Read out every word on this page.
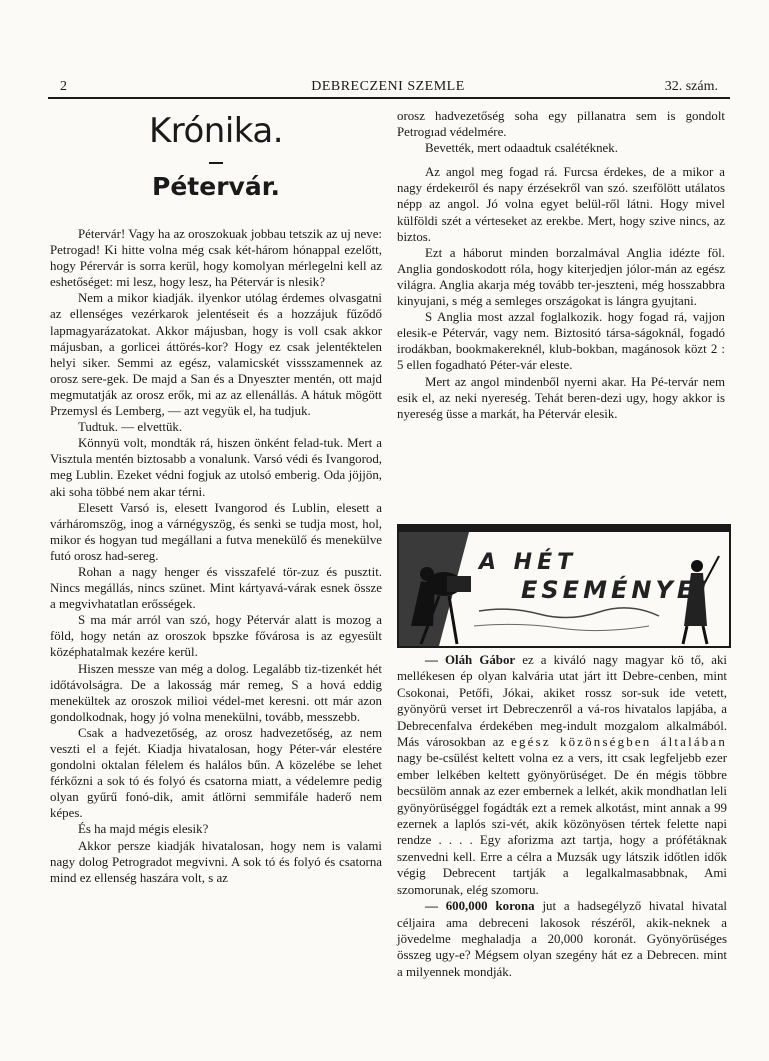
2	DEBRECZENI SZEMLE	32. szám.
Krónika.
Pétervár.

Pétervár! Vagy ha az oroszokuak jobbau tetszik az uj neve: Petrogad! Ki hitte volna még csak két-három hónappal ezelőtt, hogy Pérervár is sorra kerül, hogy komolyan mérlegelni kell az eshetőséget: mi lesz, hogy lesz, ha Pétervár is nlesik?

Nem a mikor kiadják. ilyenkor utólag érdemes olvasgatni az ellenséges vezérkarok jelentéseit és a hozzájuk fűződő lapmagyarázatokat. Akkor májusban, hogy is voll csak akkor májusban, a gorlicei áttörés-kor? Hogy ez csak jelentéktelen helyi siker. Semmi az egész, valamicskét vissszamennek az orosz sere-gek. De majd a San és a Dnyeszter mentén, ott majd megmutatják az orosz erők, mi az az ellenállás. A hátuk mögött Przemysl és Lemberg, — azt vegyük el, ha tudjuk.

Tudtuk. — elvettük.

Könnyü volt, mondták rá, hiszen önként felad-tuk. Mert a Visztula mentén biztosabb a vonalunk. Varsó védi és Ivangorod, meg Lublin. Ezeket védni fogjuk az utolsó emberig. Oda jöjjön, aki soha többé nem akar térni.

Elesett Varsó is, elesett Ivangorod és Lublin, elesett a várháromszög, inog a várnégyszög, és senki se tudja most, hol, mikor és hogyan tud megállani a futva menekülő és menekülve futó orosz had-sereg.

Rohan a nagy henger és visszafelé tör-zuz és pusztit. Nincs megállás, nincs szünet. Mint kártyavá-várak esnek össze a megvivhatatlan erősségek.

S ma már arról van szó, hogy Pétervár alatt is mozog a föld, hogy netán az oroszok bpszke fővárosa is az egyesült középhatalmak kezére kerül.

Hiszen messze van még a dolog. Legalább tiz-tizenkét hét időtávolságra. De a lakosság már remeg, S a hová eddig menekültek az oroszok milioi védel-met keresni. ott már azon gondolkodnak, hogy jó volna menekülni, tovább, messzebb.

Csak a hadvezetőség, az orosz hadvezetőség, az nem veszti el a fejét. Kiadja hivatalosan, hogy Péter-vár elestére gondolni oktalan félelem és halálos bűn. A közelébe se lehet férkőzni a sok tó és folyó és csatorna miatt, a védelemre pedig olyan gyűrű fonó-dik, amit átlörni semmifále haderő nem képes.

És ha majd mégis elesik?

Akkor persze kiadják hivatalosan, hogy nem is valami nagy dolog Petrogradot megvivni. A sok tó és folyó és csatorna mind ez ellenség haszára volt, s az

orosz hadvezetőség soha egy pillanatra sem is gondolt Petrogıad védelmére.

Bevették, mert odaadtuk csalétéknek.

Az angol meg fogad rá. Furcsa érdekes, de a mikor a nagy érdekeıről és napy érzésekről van szó. szeıfölött utálatos népp az angol. Jó volna egyet belül-ről látni. Hogy mivel külföldi szét a vérteseket az erekbe. Mert, hogy szive nincs, az biztos.

Ezt a háborut minden borzalmával Anglia idézte föl. Anglia gondoskodott róla, hogy kiterjedjen jólor-mán az egész világra. Anglia akarja még tovább ter-jeszteni, még hosszabbra kinyujani, s még a semleges országokat is lángra gyujtani.

S Anglia most azzal foglalkozik. hogy fogad rá, vajjon elesik-e Pétervár, vagy nem. Biztositó társa-ságoknál, fogadó irodákban, bookmakereknél, klub-bokban, magánosok közt 2 : 5 ellen fogadható Péter-vár eleste.

Mert az angol mindenből nyerni akar. Ha Pé-tervár nem esik el, az neki nyereség. Tehát beren-dezi ugy, hogy akkor is nyereség üsse a markát, ha Pétervár elesik.

A HÉT
ESEMÉNYEI

— Oláh Gábor ez a kiváló nagy magyar kö tő, aki mellékesen ép olyan kalvária utat járt itt Debre-cenben, mint Csokonai, Petőfi, Jókai, akiket rossz sor-suk ide vetett, gyönyörü verset irt Debreczenről a vá-ros hivatalos lapjába, a Debrecenfalva érdekében meg-indult mozgalom alkalmából. Más városokban az egész közönségben általában nagy be-csülést keltett volna ez a vers, itt csak legfeljebb ezer ember lelkében keltett gyönyörüséget. De én mégis többre becsülöm annak az ezer embernek a lelkét, akik mondhatlan leli gyönyörüséggel fogádták ezt a remek alkotást, mint annak a 99 ezernek a laplós szi-vét, akik közönyösen tértek felette napi rendze . . . . Egy aforizma azt tartja, hogy a prófétáknak szenvedni kell. Erre a célra a Muzsák ugy látszik időtlen idők végig Debrecent tartják a legalkalmasabbnak, Ami szomorunak, elég szomoru.

— 600,000 korona jut a hadsegélyző hivatal hivatal céljaira ama debreceni lakosok részéről, akik-neknek a jövedelme meghaladja a 20,000 koronát. Gyönyörüséges összeg ugy-e? Mégsem olyan szegény hát ez a Debrecen. mint a milyennek mondják.
